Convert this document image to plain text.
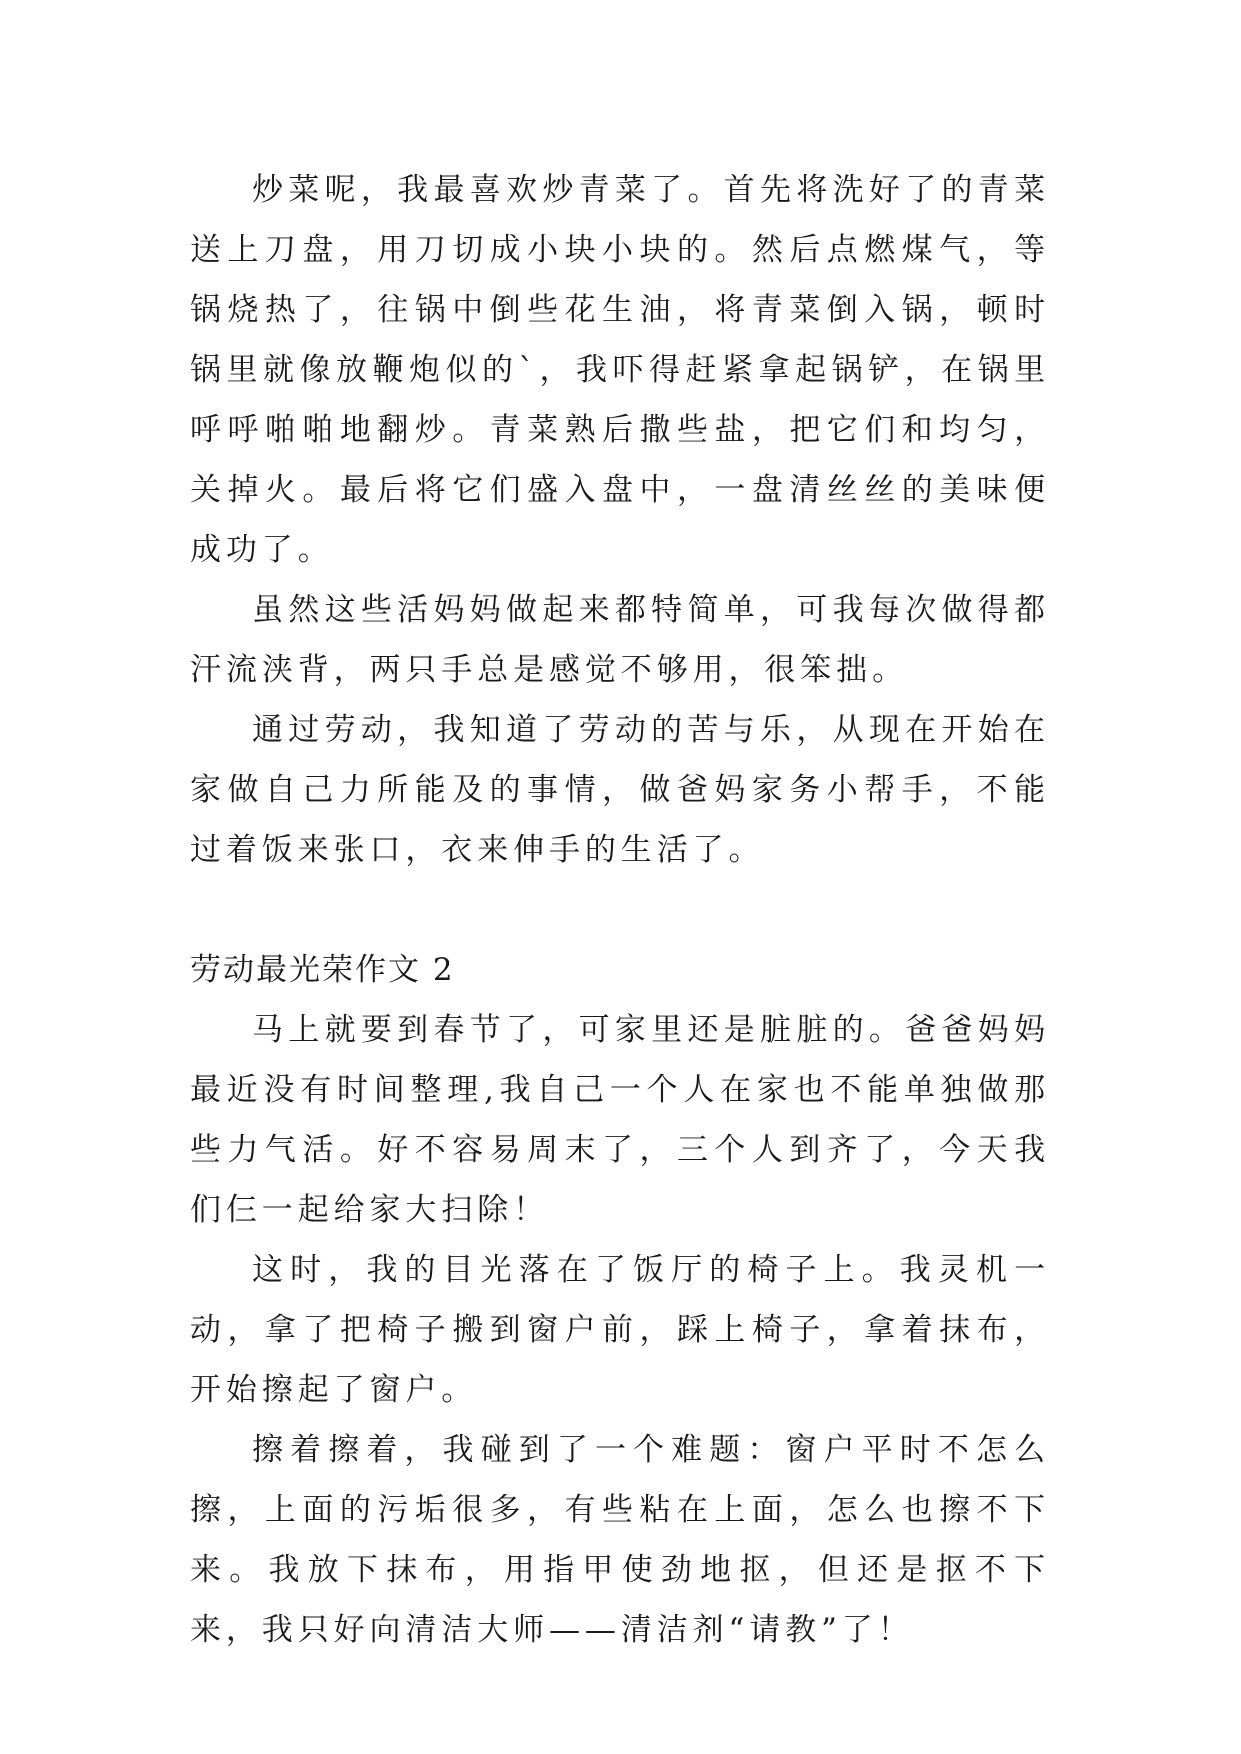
炒菜呢，我最喜欢炒青菜了。首先将洗好了的青菜送上刀盘，用刀切成小块小块的。然后点燃煤气，等锅烧热了，往锅中倒些花生油，将青菜倒入锅，顿时锅里就像放鞭炮似的`，我吓得赶紧拿起锅铲，在锅里呼呼啪啪地翻炒。青菜熟后撒些盐，把它们和均匀，关掉火。最后将它们盛入盘中，一盘清丝丝的美味便成功了。

虽然这些活妈妈做起来都特简单，可我每次做得都汗流浃背，两只手总是感觉不够用，很笨拙。

通过劳动，我知道了劳动的苦与乐，从现在开始在家做自己力所能及的事情，做爸妈家务小帮手，不能过着饭来张口，衣来伸手的生活了。

劳动最光荣作文 2

马上就要到春节了，可家里还是脏脏的。爸爸妈妈最近没有时间整理,我自己一个人在家也不能单独做那些力气活。好不容易周末了，三个人到齐了，今天我们仨一起给家大扫除！

这时，我的目光落在了饭厅的椅子上。我灵机一动，拿了把椅子搬到窗户前，踩上椅子，拿着抹布，开始擦起了窗户。

擦着擦着，我碰到了一个难题：窗户平时不怎么擦，上面的污垢很多，有些粘在上面，怎么也擦不下来。我放下抹布，用指甲使劲地抠，但还是抠不下来，我只好向清洁大师——清洁剂“请教”了！
